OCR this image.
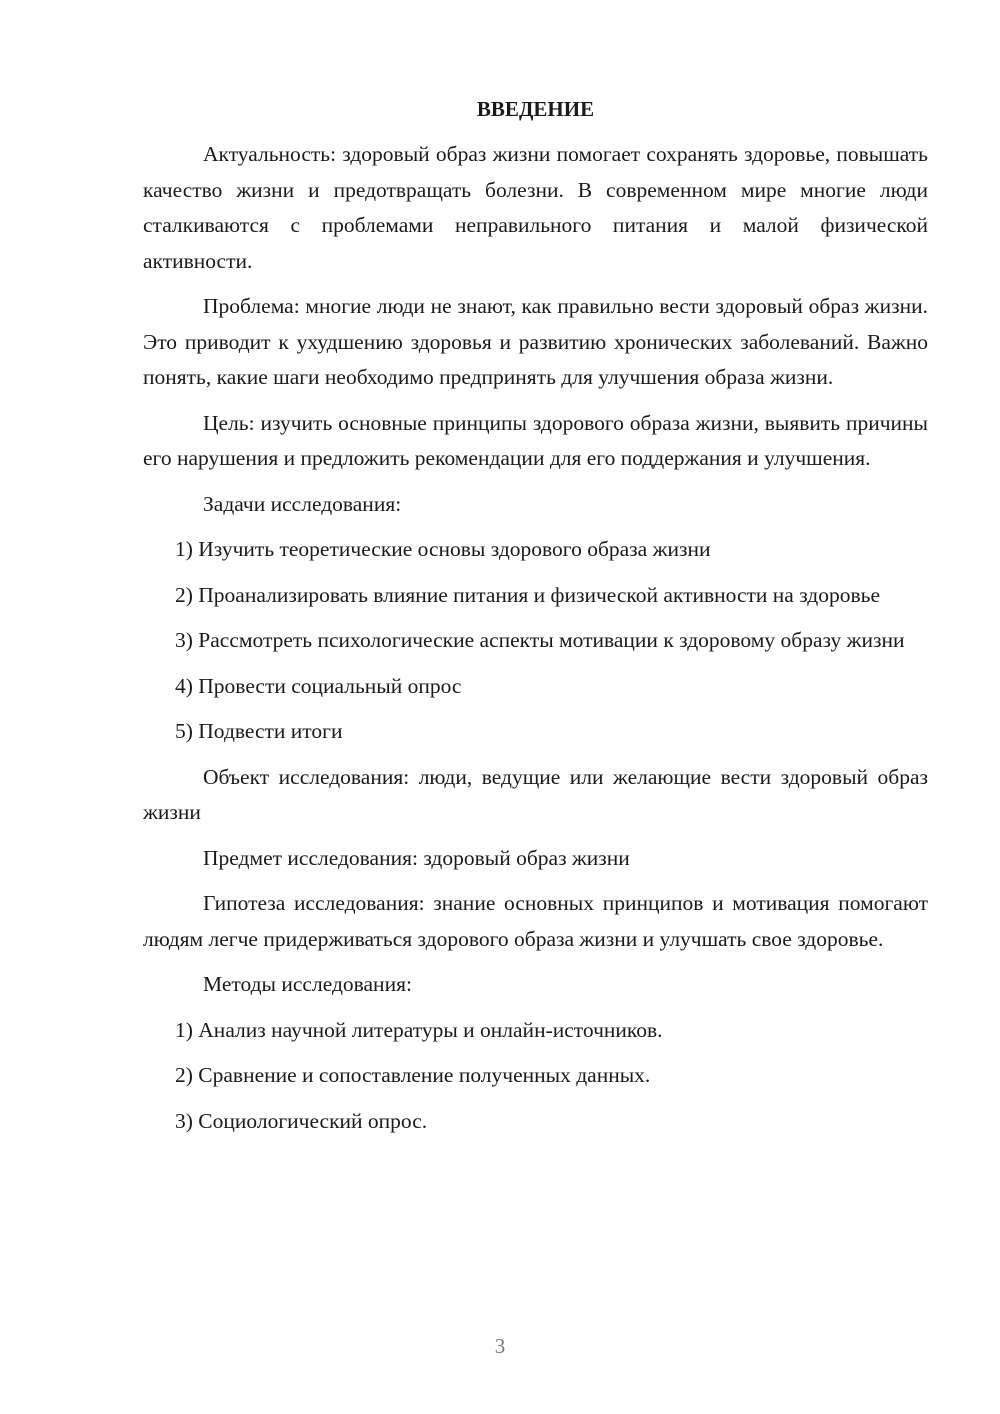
ВВЕДЕНИЕ

Актуальность: здоровый образ жизни помогает сохранять здоровье, повышать качество жизни и предотвращать болезни. В современном мире многие люди сталкиваются с проблемами неправильного питания и малой физической активности.

Проблема: многие люди не знают, как правильно вести здоровый образ жизни. Это приводит к ухудшению здоровья и развитию хронических заболеваний. Важно понять, какие шаги необходимо предпринять для улучшения образа жизни.

Цель: изучить основные принципы здорового образа жизни, выявить причины его нарушения и предложить рекомендации для его поддержания и улучшения.

Задачи исследования:

1) Изучить теоретические основы здорового образа жизни

2) Проанализировать влияние питания и физической активности на здоровье

3) Рассмотреть психологические аспекты мотивации к здоровому образу жизни

4) Провести социальный опрос

5) Подвести итоги

Объект исследования: люди, ведущие или желающие вести здоровый образ жизни

Предмет исследования: здоровый образ жизни

Гипотеза исследования: знание основных принципов и мотивация помогают людям легче придерживаться здорового образа жизни и улучшать свое здоровье.

Методы исследования:

1) Анализ научной литературы и онлайн-источников.

2) Сравнение и сопоставление полученных данных.

3) Социологический опрос.

3
